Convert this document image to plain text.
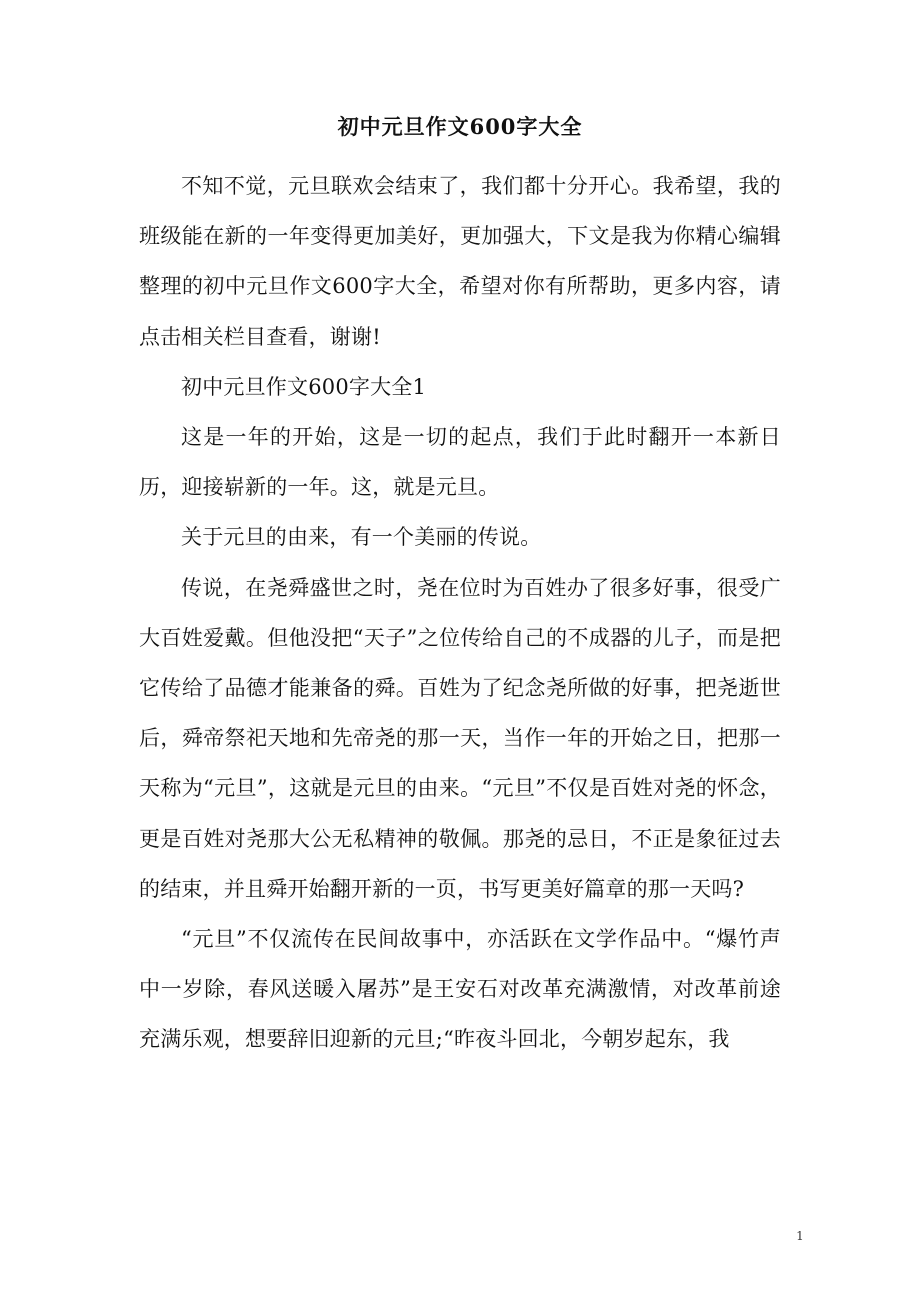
初中元旦作文600字大全

不知不觉，元旦联欢会结束了，我们都十分开心。我希望，我的班级能在新的一年变得更加美好，更加强大，下文是我为你精心编辑整理的初中元旦作文600字大全，希望对你有所帮助，更多内容，请点击相关栏目查看，谢谢!

初中元旦作文600字大全1

这是一年的开始，这是一切的起点，我们于此时翻开一本新日历，迎接崭新的一年。这，就是元旦。

关于元旦的由来，有一个美丽的传说。

传说，在尧舜盛世之时，尧在位时为百姓办了很多好事，很受广大百姓爱戴。但他没把“天子”之位传给自己的不成器的儿子，而是把它传给了品德才能兼备的舜。百姓为了纪念尧所做的好事，把尧逝世后，舜帝祭祀天地和先帝尧的那一天，当作一年的开始之日，把那一天称为“元旦”，这就是元旦的由来。“元旦”不仅是百姓对尧的怀念，更是百姓对尧那大公无私精神的敬佩。那尧的忌日，不正是象征过去的结束，并且舜开始翻开新的一页，书写更美好篇章的那一天吗?

“元旦”不仅流传在民间故事中，亦活跃在文学作品中。“爆竹声中一岁除，春风送暖入屠苏”是王安石对改革充满激情，对改革前途充满乐观，想要辞旧迎新的元旦;“昨夜斗回北，今朝岁起东，我

1
